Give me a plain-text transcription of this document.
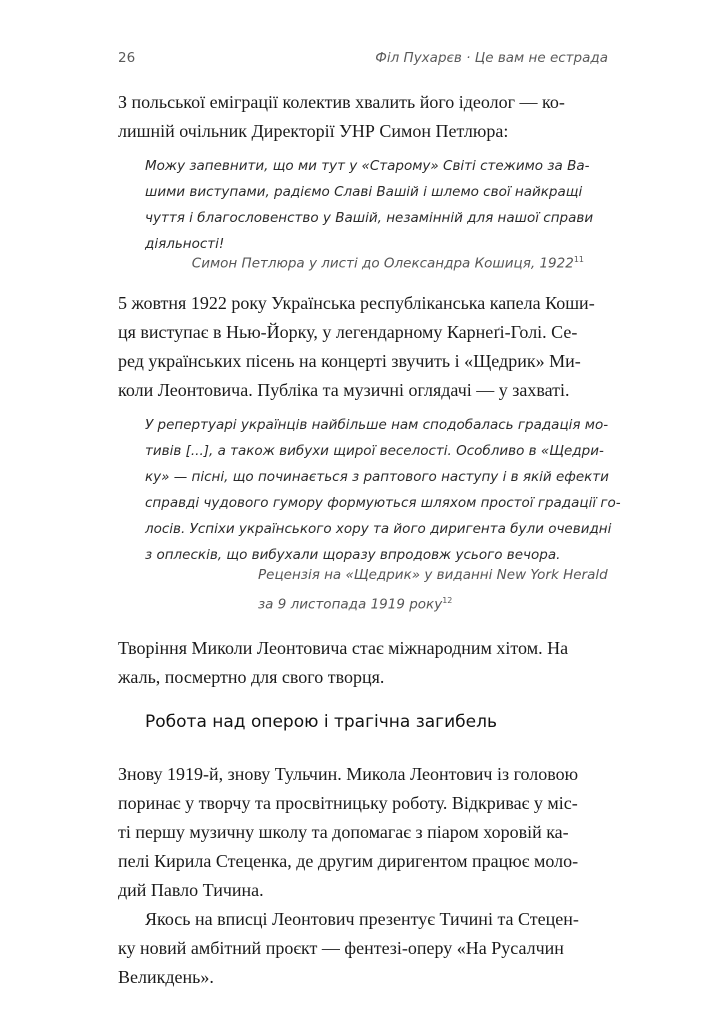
26	Філ Пухарєв · Це вам не естрада
З польської еміграції колектив хвалить його ідеолог — ко-
лишній очільник Директорії УНР Симон Петлюра:
Можу запевнити, що ми тут у «Старому» Світі стежимо за Ва-
шими виступами, радіємо Славі Вашій і шлемо свої найкращі
чуття і благословенство у Вашій, незамінній для нашої справи
діяльності!
Симон Петлюра у листі до Олександра Кошиця, 1922$^{11}$
5 жовтня 1922 року Українська республіканська капела Коши-
ця виступає в Нью-Йорку, у легендарному Карнеґі-Голі. Се-
ред українських пісень на концерті звучить і «Щедрик» Ми-
коли Леонтовича. Публіка та музичні оглядачі — у захваті.
У репертуарі українців найбільше нам сподобалась градація мо-
тивів [...], а також вибухи щирої веселості. Особливо в «Щедри-
ку» — пісні, що починається з раптового наступу і в якій ефекти
справді чудового гумору формуються шляхом простої градації го-
лосів. Успіхи українського хору та його диригента були очевидні
з оплесків, що вибухали щоразу впродовж усього вечора.
Рецензія на «Щедрик» у виданні New York Herald
за 9 листопада 1919 року$^{12}$
Творіння Миколи Леонтовича стає міжнародним хітом. На
жаль, посмертно для свого творця.
Робота над оперою і трагічна загибель
Знову 1919-й, знову Тульчин. Микола Леонтович із головою
поринає у творчу та просвітницьку роботу. Відкриває у міс-
ті першу музичну школу та допомагає з піаром хоровій ка-
пелі Кирила Стеценка, де другим диригентом працює моло-
дий Павло Тичина.
Якось на вписці Леонтович презентує Тичині та Стецен-
ку новий амбітний проєкт — фентезі-оперу «На Русалчин
Великдень».
